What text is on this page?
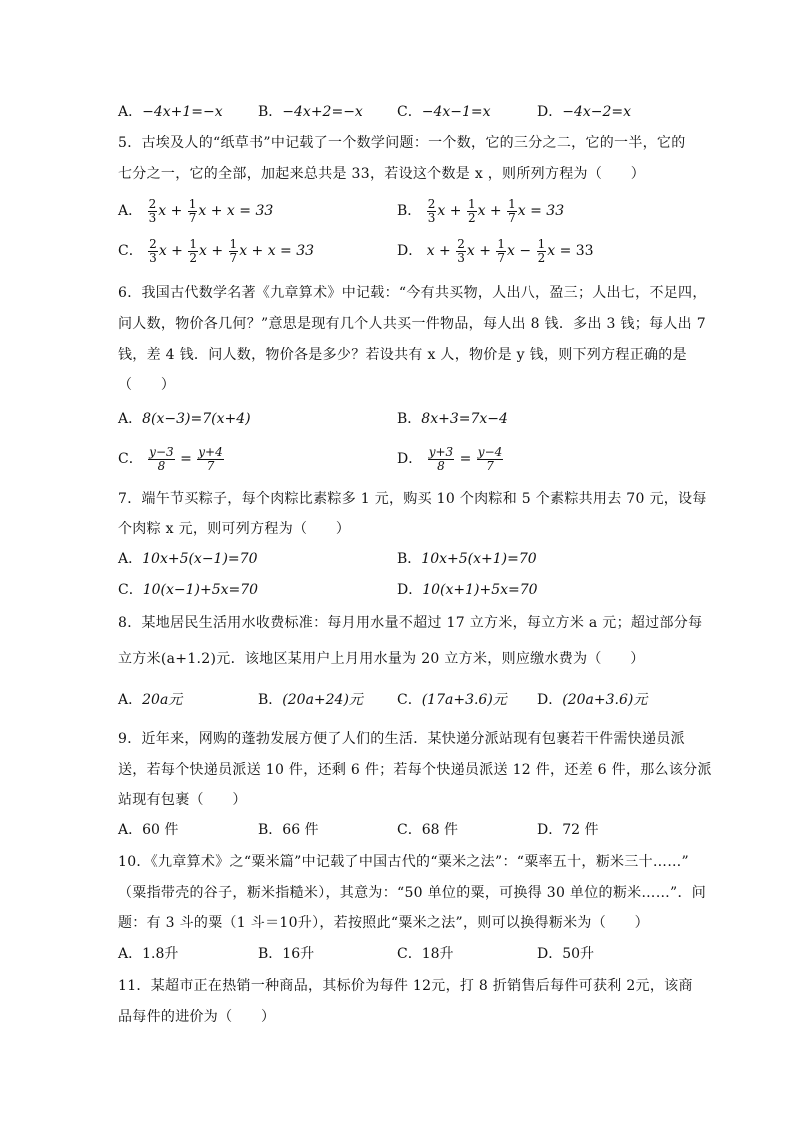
A．−4x+1=−x	B．−4x+2=−x C．−4x−1=x	D．−4x−2=x
5．古埃及人的“纸草书”中记载了一个数学问题：一个数，它的三分之二，它的一半，它的
七分之一，它的全部，加起来总共是 33，若设这个数是 x ，则所列方程为（　　）
A． $\frac{2}{3}$ $x + \frac{1}{7}$ x + x = 33	B． $\frac{2}{3}$ $x + \frac{1}{2}$ $x + \frac{1}{7}$ x = 33
C． $\frac{2}{3}$ $x + \frac{1}{2}$ $x + \frac{1}{7}$ x + x = 33	D． $x + \frac{2}{3}$ $x + \frac{1}{7}$ $x - \frac{1}{2}$ x = 33
6．我国古代数学名著《九章算术》中记载：“今有共买物，人出八，盈三；人出七，不足四，
问人数，物价各几何？”意思是现有几个人共买一件物品，每人出 8 钱．多出 3 钱；每人出 7
钱，差 4 钱．问人数，物价各是多少？若设共有 x 人，物价是 y 钱，则下列方程正确的是
（　　）
A．8(x−3)=7(x+4)	B．8x+3=7x−4
C． $\frac{y-3}{8} = \frac{y+4}{7}$	D． $\frac{y+3}{8} = \frac{y-4}{7}$
7．端午节买粽子，每个肉粽比素粽多 1 元，购买 10 个肉粽和 5 个素粽共用去 70 元，设每
个肉粽 x 元，则可列方程为（　　）
A．10x+5(x−1)=70	B．10x+5(x+1)=70
C．10(x−1)+5x=70	D．10(x+1)+5x=70
8．某地居民生活用水收费标准：每月用水量不超过 17 立方米，每立方米 a 元；超过部分每
立方米(a+1.2)元．该地区某用户上月用水量为 20 立方米，则应缴水费为（　　）
A．20a元	B．(20a+24)元 C．(17a+3.6)元 D．(20a+3.6)元
9．近年来，网购的蓬勃发展方便了人们的生活．某快递分派站现有包裹若干件需快递员派
送，若每个快递员派送 10 件，还剩 6 件；若每个快递员派送 12 件，还差 6 件，那么该分派
站现有包裹（　　）
A．60 件	B．66 件	C．68 件	D．72 件
10．《九章算术》之“粟米篇”中记载了中国古代的“粟米之法”：“粟率五十，粝米三十……”
（粟指带壳的谷子，粝米指糙米），其意为：“50 单位的粟，可换得 30 单位的粝米……”．问
题：有 3 斗的粟（1 斗＝10升），若按照此“粟米之法”，则可以换得粝米为（　　）
A．1.8升	B．16升	C．18升	D．50升
11．某超市正在热销一种商品，其标价为每件 12元，打 8 折销售后每件可获利 2元，该商
品每件的进价为（　　）
